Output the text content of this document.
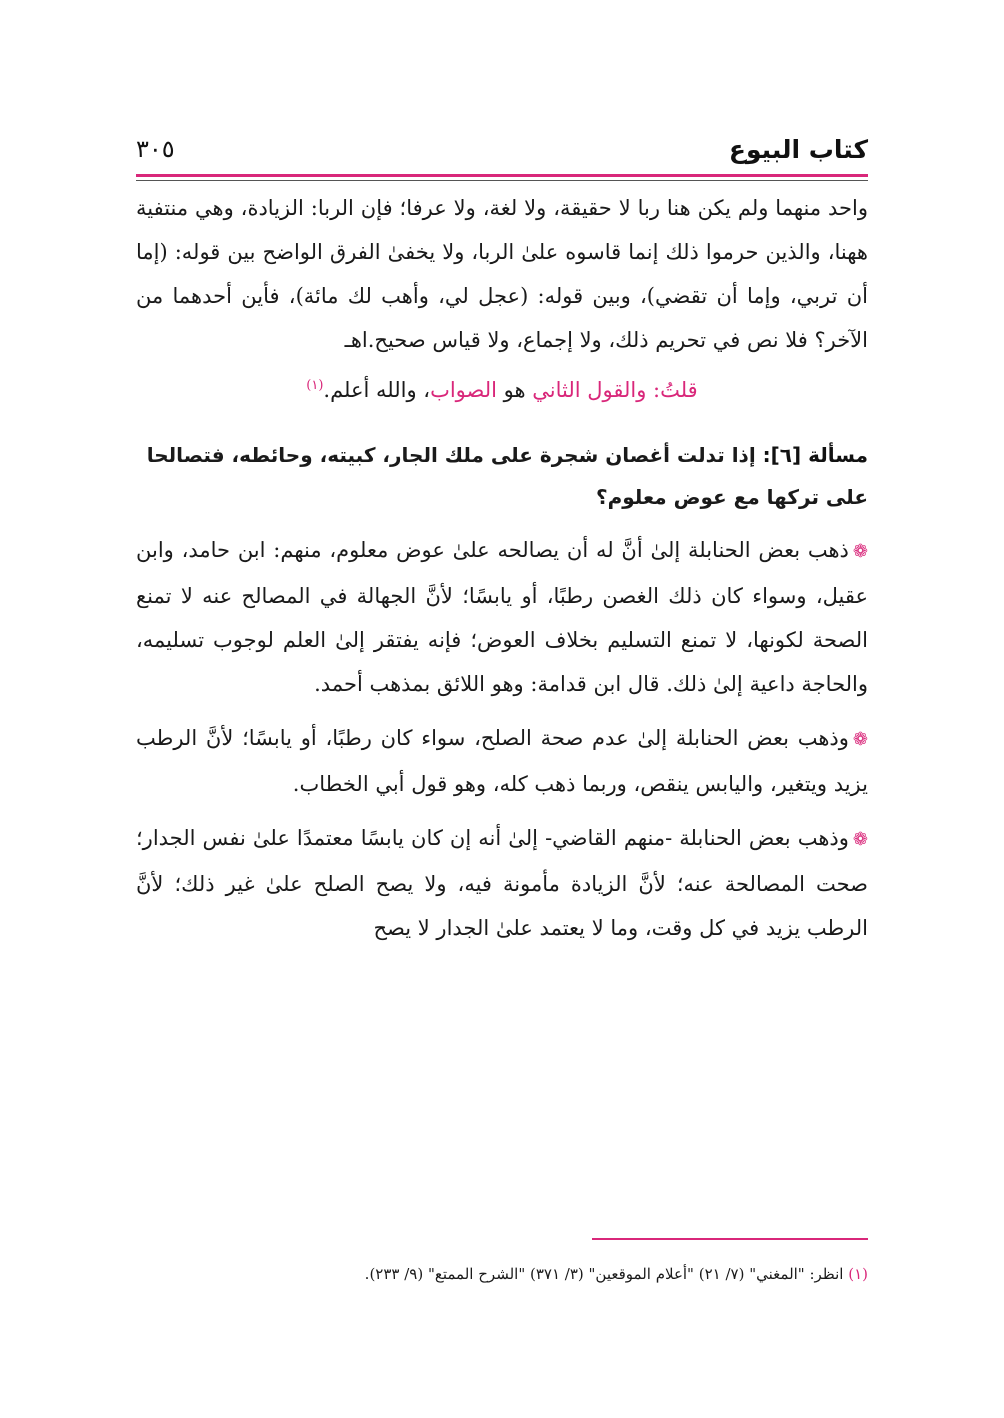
كتاب البيوع
٣٠٥

واحد منهما ولم يكن هنا ربا لا حقيقة، ولا لغة، ولا عرفا؛ فإن الربا: الزيادة، وهي منتفية ههنا، والذين حرموا ذلك إنما قاسوه علىٰ الربا، ولا يخفىٰ الفرق الواضح بين قوله: (إما أن تربي، وإما أن تقضي)، وبين قوله: (عجل لي، وأهب لك مائة)، فأين أحدهما من الآخر؟ فلا نص في تحريم ذلك، ولا إجماع، ولا قياس صحيح.اهـ

قلتُ: والقول الثاني هو الصواب، والله أعلم.$^{(١)}$

مسألة [٦]: إذا تدلت أغصان شجرة على ملك الجار، كبيته، وحائطه، فتصالحا على تركها مع عوض معلوم؟

❁ذهب بعض الحنابلة إلىٰ أنَّ له أن يصالحه علىٰ عوض معلوم، منهم: ابن حامد، وابن عقيل، وسواء كان ذلك الغصن رطبًا، أو يابسًا؛ لأنَّ الجهالة في المصالح عنه لا تمنع الصحة لكونها، لا تمنع التسليم بخلاف العوض؛ فإنه يفتقر إلىٰ العلم لوجوب تسليمه، والحاجة داعية إلىٰ ذلك. قال ابن قدامة: وهو اللائق بمذهب أحمد.

❁وذهب بعض الحنابلة إلىٰ عدم صحة الصلح، سواء كان رطبًا، أو يابسًا؛ لأنَّ الرطب يزيد ويتغير، واليابس ينقص، وربما ذهب كله، وهو قول أبي الخطاب.

❁وذهب بعض الحنابلة -منهم القاضي- إلىٰ أنه إن كان يابسًا معتمدًا علىٰ نفس الجدار؛ صحت المصالحة عنه؛ لأنَّ الزيادة مأمونة فيه، ولا يصح الصلح علىٰ غير ذلك؛ لأنَّ الرطب يزيد في كل وقت، وما لا يعتمد علىٰ الجدار لا يصح

(١) انظر: "المغني" (٧/ ٢١) "أعلام الموقعين" (٣/ ٣٧١) "الشرح الممتع" (٩/ ٢٣٣).
